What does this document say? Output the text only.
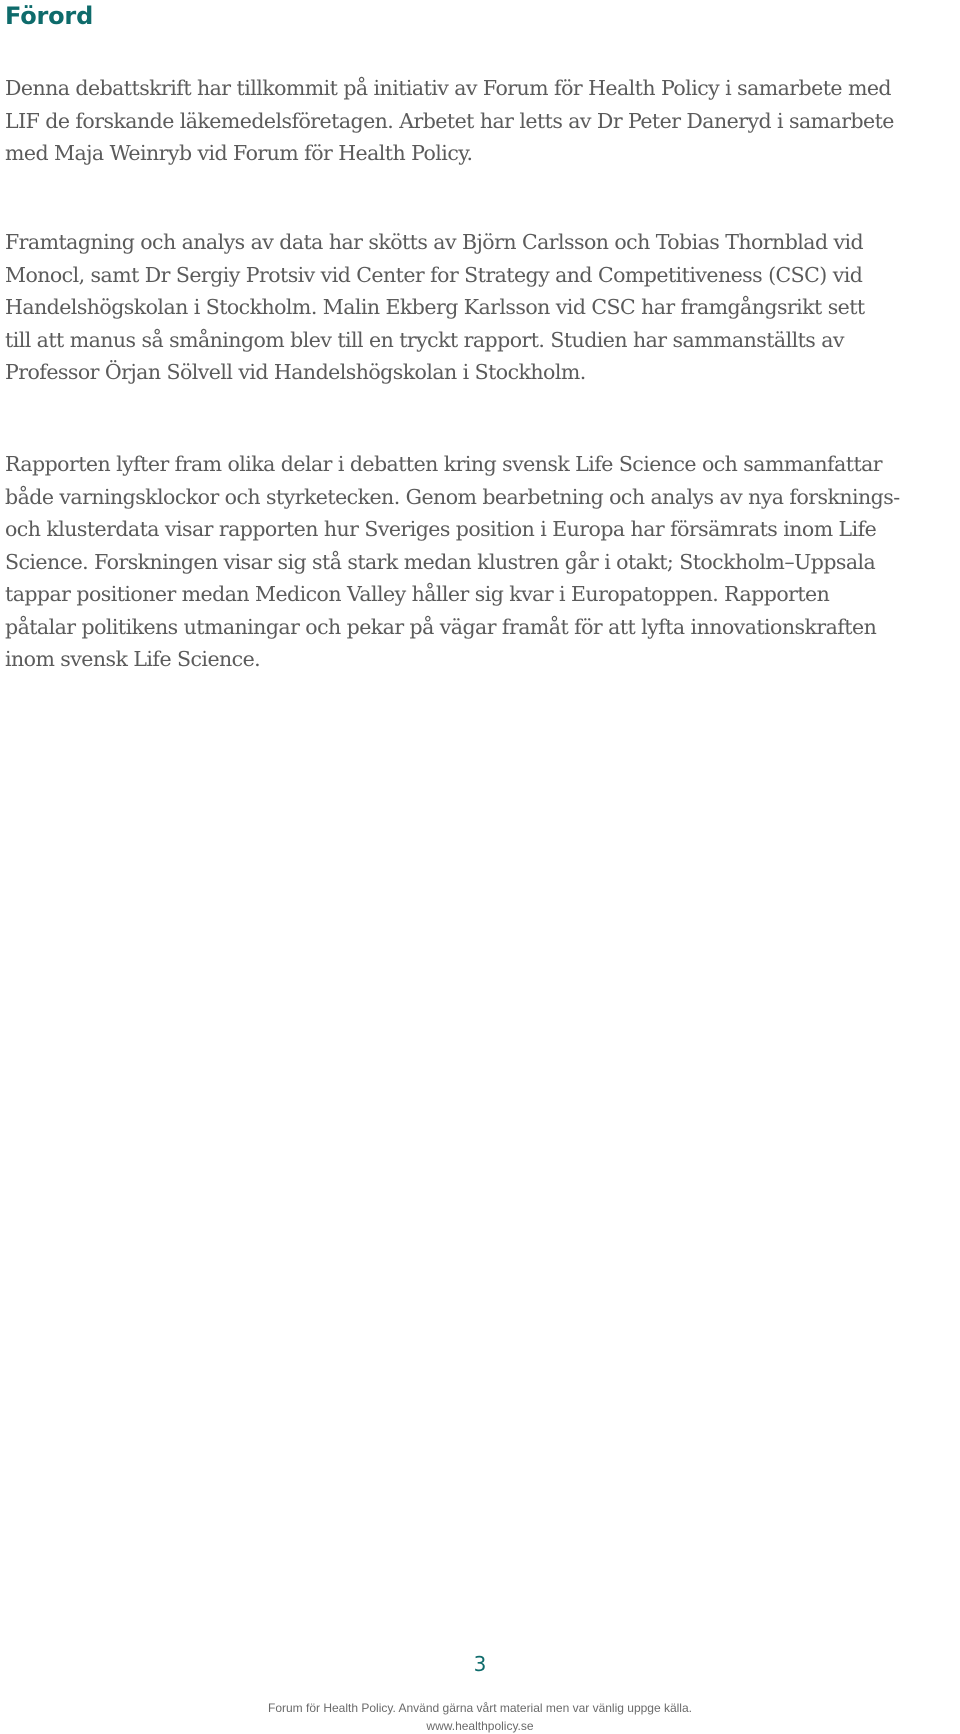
Förord

Denna debattskrift har tillkommit på initiativ av Forum för Health Policy i samarbete med
LIF de forskande läkemedelsföretagen. Arbetet har letts av Dr Peter Daneryd i samarbete
med Maja Weinryb vid Forum för Health Policy.

Framtagning och analys av data har skötts av Björn Carlsson och Tobias Thornblad vid
Monocl, samt Dr Sergiy Protsiv vid Center for Strategy and Competitiveness (CSC) vid
Handelshögskolan i Stockholm. Malin Ekberg Karlsson vid CSC har framgångsrikt sett
till att manus så småningom blev till en tryckt rapport. Studien har sammanställts av
Professor Örjan Sölvell vid Handelshögskolan i Stockholm.

Rapporten lyfter fram olika delar i debatten kring svensk Life Science och sammanfattar
både varningsklockor och styrketecken. Genom bearbetning och analys av nya forsknings-
och klusterdata visar rapporten hur Sveriges position i Europa har försämrats inom Life
Science. Forskningen visar sig stå stark medan klustren går i otakt; Stockholm–Uppsala
tappar positioner medan Medicon Valley håller sig kvar i Europatoppen. Rapporten
påtalar politikens utmaningar och pekar på vägar framåt för att lyfta innovationskraften
inom svensk Life Science.

3
Forum för Health Policy. Använd gärna vårt material men var vänlig uppge källa.
www.healthpolicy.se
